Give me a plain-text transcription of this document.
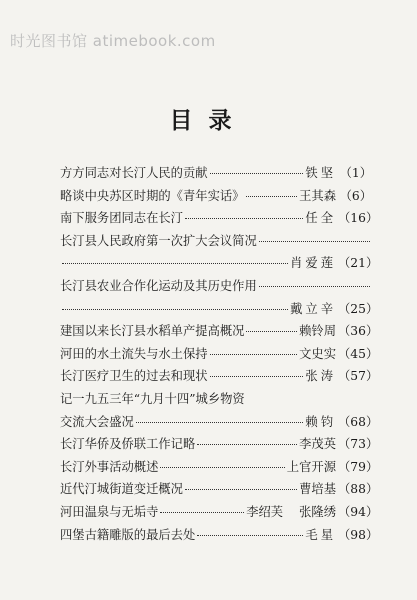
时光图书馆 atimebook.com
目录
方方同志对长汀人民的贡献	铁坚 （1）
略谈中央苏区时期的《青年实话》	王其森 （6）
南下服务团同志在长汀	任全 （16）
长汀县人民政府第一次扩大会议简况
肖爱莲 （21）
长汀县农业合作化运动及其历史作用
戴立辛 （25）
建国以来长汀县水稻单产提高概况	赖铃周 （36）
河田的水土流失与水土保持	文史实 （45）
长汀医疗卫生的过去和现状	张涛 （57）
记一九五三年“九月十四”城乡物资
交流大会盛况	赖钧 （68）
长汀华侨及侨联工作记略	李茂英 （73）
长汀外事活动概述	上官开源 （79）
近代汀城街道变迁概况	曹培基 （88）
河田温泉与无垢寺	李绍芙 张隆绣 （94）
四堡古籍雕版的最后去处	毛星 （98）
